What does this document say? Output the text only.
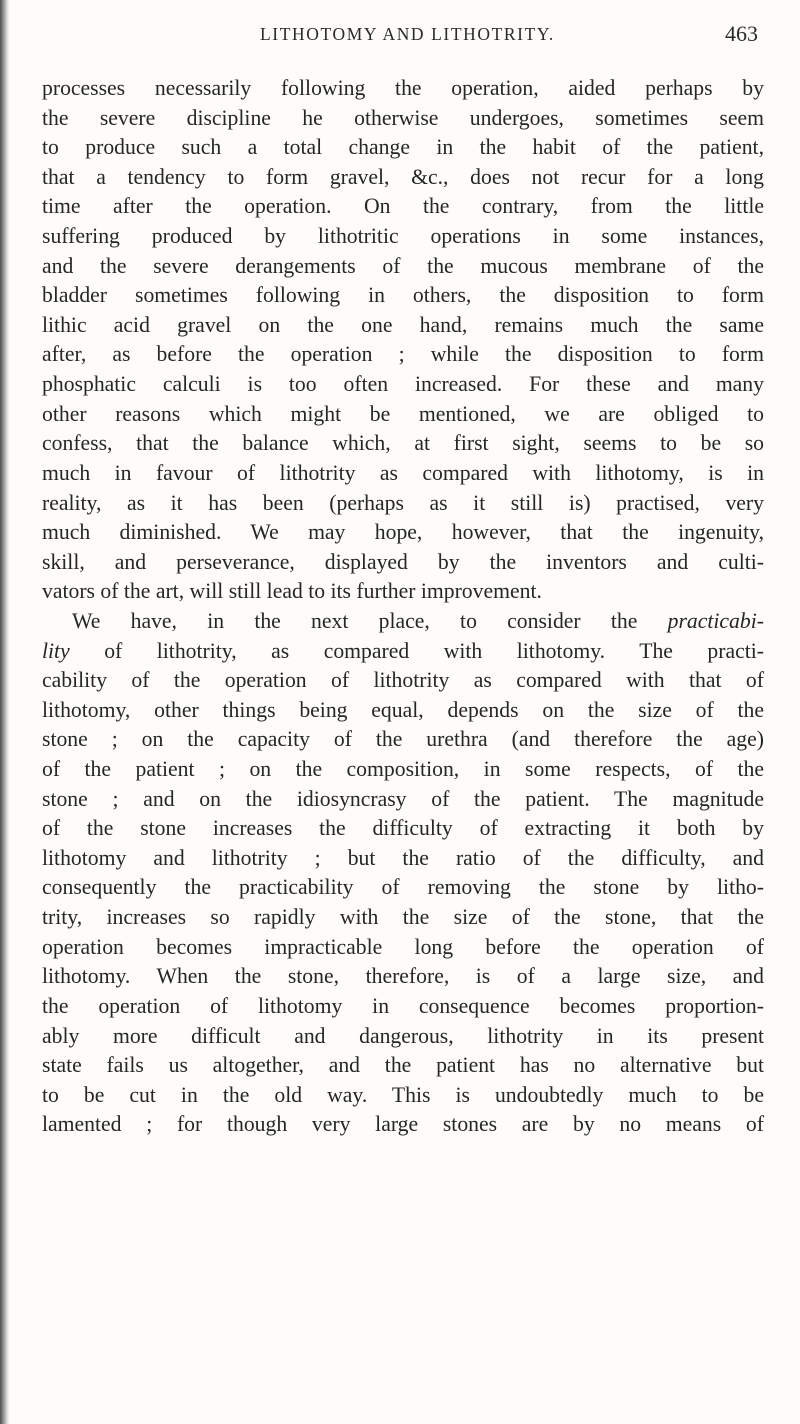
LITHOTOMY AND LITHOTRITY.	463
processes necessarily following the operation, aided perhaps by
the severe discipline he otherwise undergoes, sometimes seem
to produce such a total change in the habit of the patient,
that a tendency to form gravel, &c., does not recur for a long
time after the operation. On the contrary, from the little
suffering produced by lithotritic operations in some instances,
and the severe derangements of the mucous membrane of the
bladder sometimes following in others, the disposition to form
lithic acid gravel on the one hand, remains much the same
after, as before the operation ; while the disposition to form
phosphatic calculi is too often increased. For these and many
other reasons which might be mentioned, we are obliged to
confess, that the balance which, at first sight, seems to be so
much in favour of lithotrity as compared with lithotomy, is in
reality, as it has been (perhaps as it still is) practised, very
much diminished. We may hope, however, that the ingenuity,
skill, and perseverance, displayed by the inventors and culti-
vators of the art, will still lead to its further improvement.
We have, in the next place, to consider the practicabi-
lity of lithotrity, as compared with lithotomy. The practi-
cability of the operation of lithotrity as compared with that of
lithotomy, other things being equal, depends on the size of the
stone ; on the capacity of the urethra (and therefore the age)
of the patient ; on the composition, in some respects, of the
stone ; and on the idiosyncrasy of the patient. The magnitude
of the stone increases the difficulty of extracting it both by
lithotomy and lithotrity ; but the ratio of the difficulty, and
consequently the practicability of removing the stone by litho-
trity, increases so rapidly with the size of the stone, that the
operation becomes impracticable long before the operation of
lithotomy. When the stone, therefore, is of a large size, and
the operation of lithotomy in consequence becomes proportion-
ably more difficult and dangerous, lithotrity in its present
state fails us altogether, and the patient has no alternative but
to be cut in the old way. This is undoubtedly much to be
lamented ; for though very large stones are by no means of
